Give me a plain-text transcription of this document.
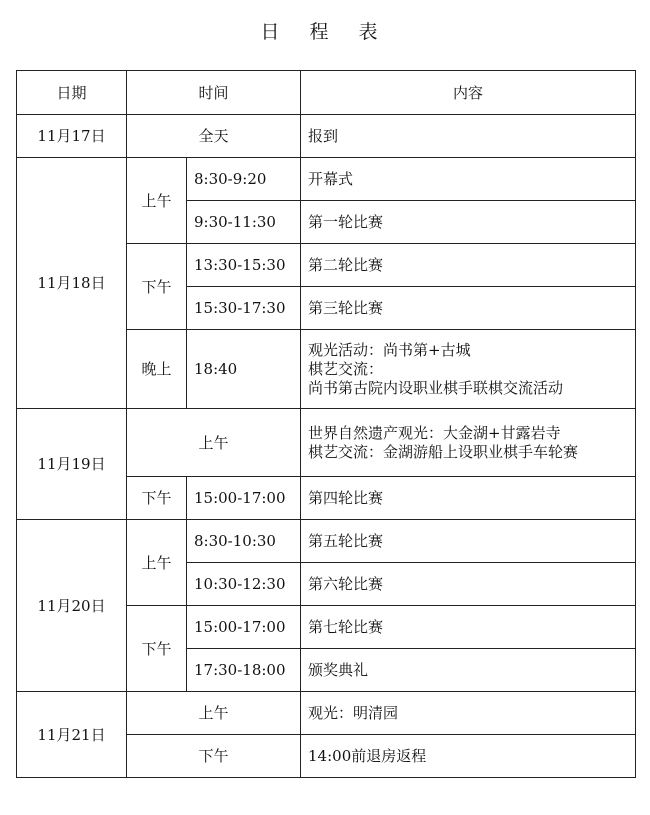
日 程 表
日期	时间		内容
11月17日	全天		报到
11月18日	上午	8:30-9:20	开幕式
		9:30-11:30	第一轮比赛
	下午	13:30-15:30	第二轮比赛
		15:30-17:30	第三轮比赛
	晚上	18:40	观光活动：尚书第+古城
棋艺交流：
尚书第古院内设职业棋手联棋交流活动
11月19日	上午		世界自然遗产观光：大金湖+甘露岩寺
棋艺交流：金湖游船上设职业棋手车轮赛
	下午	15:00-17:00	第四轮比赛
11月20日	上午	8:30-10:30	第五轮比赛
		10:30-12:30	第六轮比赛
	下午	15:00-17:00	第七轮比赛
		17:30-18:00	颁奖典礼
11月21日	上午		观光：明清园
	下午		14:00前退房返程
